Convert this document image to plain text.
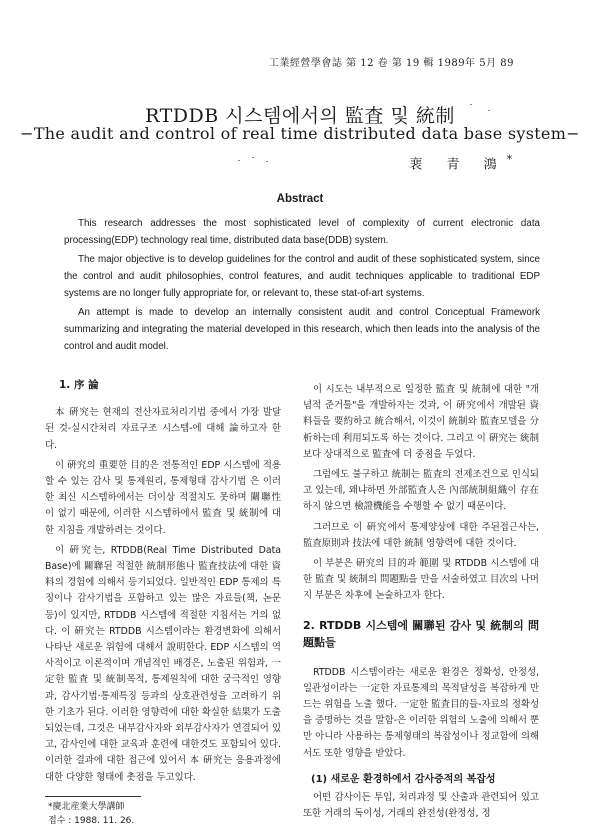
工業經營學會誌 第 12 卷 第 19 輯 1989年 5月 89
RTDDB 시스템에서의 監査 및 統制
−The audit and control of real time distributed data base system−
裵 青 鴻*
Abstract

This research addresses the most sophisticated level of complexity of current electronic data processing(EDP) technology real time, distributed data base(DDB) system.

The major objective is to develop guidelines for the control and audit of these sophisticated system, since the control and audit philosophies, control features, and audit techniques applicable to traditional EDP systems are no longer fully appropriate for, or relevant to, these stat-of-art systems.

An attempt is made to develop an internally consistent audit and control Conceptual Framework summarizing and integrating the material developed in this research, which then leads into the analysis of the control and audit model.

1. 序 論

本 硏究는 현재의 전산자료처리기법 중에서 가장 발달된 것-실시간처리 자료구조 시스템-에 대해 論하고자 한다.

이 硏究의 重要한 目的은 전통적인 EDP 시스템에 적용할 수 있는 감사 및 통제원리, 통제형태 감사기법 은 이러한 최신 시스템하에서는 더이상 적절치도 못하며 關聯性이 없기 때문에, 이러한 시스템하에서 監査 및 統制에 대한 지침을 개발하려는 것이다.

이 硏究는, RTDDB(Real Time Distributed Data Base)에 關聯된 적절한 統制形態나 監査技法에 대한 資料의 경험에 의해서 등기되었다. 일반적인 EDP 통제의 특징이나 감사기법을 포함하고 있는 많은 자료들(책, 논문 등)이 있지만, RTDDB 시스템에 적절한 지침서는 거의 없다. 이 硏究는 RTDDB 시스템이라는 환경변화에 의해서 나타난 새로운 위험에 대해서 說明한다. EDP 시스템의 역사적이고 이론적이며 개념적인 배경은, 노출된 위험과, 一定한 監査 및 統制목적, 통제원칙에 대한 궁극적인 영향과, 감사기법·통제특징 등과의 상호관련성을 고려하기 위한 기초가 된다. 이러한 영향력에 대한 확실한 結果가 도출 되었는데, 그것은 내부감사자와 외부감사자가 연결되어 있고, 감사인에 대한 교육과 훈련에 대한것도 포함되어 있다. 이러한 결과에 대한 접근에 있어서 本 硏究는 응용과정에 대한 다양한 형태에 촛점을 두고있다.

이 시도는 내부적으로 일정한 監査 및 統制에 대한 "개념적 준거틀"을 개발하자는 것과, 이 硏究에서 개발된 資料들을 要約하고 統合해서, 이것이 統制와 監査모델을 分析하는데 利用되도록 하는 것이다. 그리고 이 硏究는 統制보다 상대적으로 監査에 더 중점을 두었다.

그럼에도 불구하고 統制는 監査의 전제조건으로 인식되고 있는데, 왜냐하면 外部監査人은 內部統制組織이 存在하지 않으면 檢證機能을 수행할 수 없기 때문이다.

그러므로 이 硏究에서 통제양상에 대한 주된접근사는, 監査原則과 技法에 대한 統制 영향력에 대한 것이다.

이 부분은 硏究의 目的과 範圍 및 RTDDB 시스템에 대한 監査 및 統制의 問題點을 만을 서술하였고 目次의 나머지 부분은 차후에 논술하고자 한다.

2. RTDDB 시스템에 關聯된 감사 및 統制의 問題點들

RTDDB 시스템이라는 새로운 환경은 정확성, 안정성, 일관성이라는 一定한 자료통제의 목적달성을 복잡하게 만드는 위험을 노출 했다. 一定한 監査目的들-자료의 정확성을 증명하는 것을 말함-은 이러한 위험의 노출에 의해서 뿐만 아니라 사용하는 통제형태의 복잡성이나 정교함에 의해서도 또한 영향을 받았다.

(1) 새로운 환경하에서 감사증적의 복잡성

어떤 감사이든 투입, 처리과정 및 산출과 관련되어 있고 또한 거래의 독이성, 거래의 완전성(완정성, 정

*慶北産業大學講師
접수 : 1988. 11. 26.
